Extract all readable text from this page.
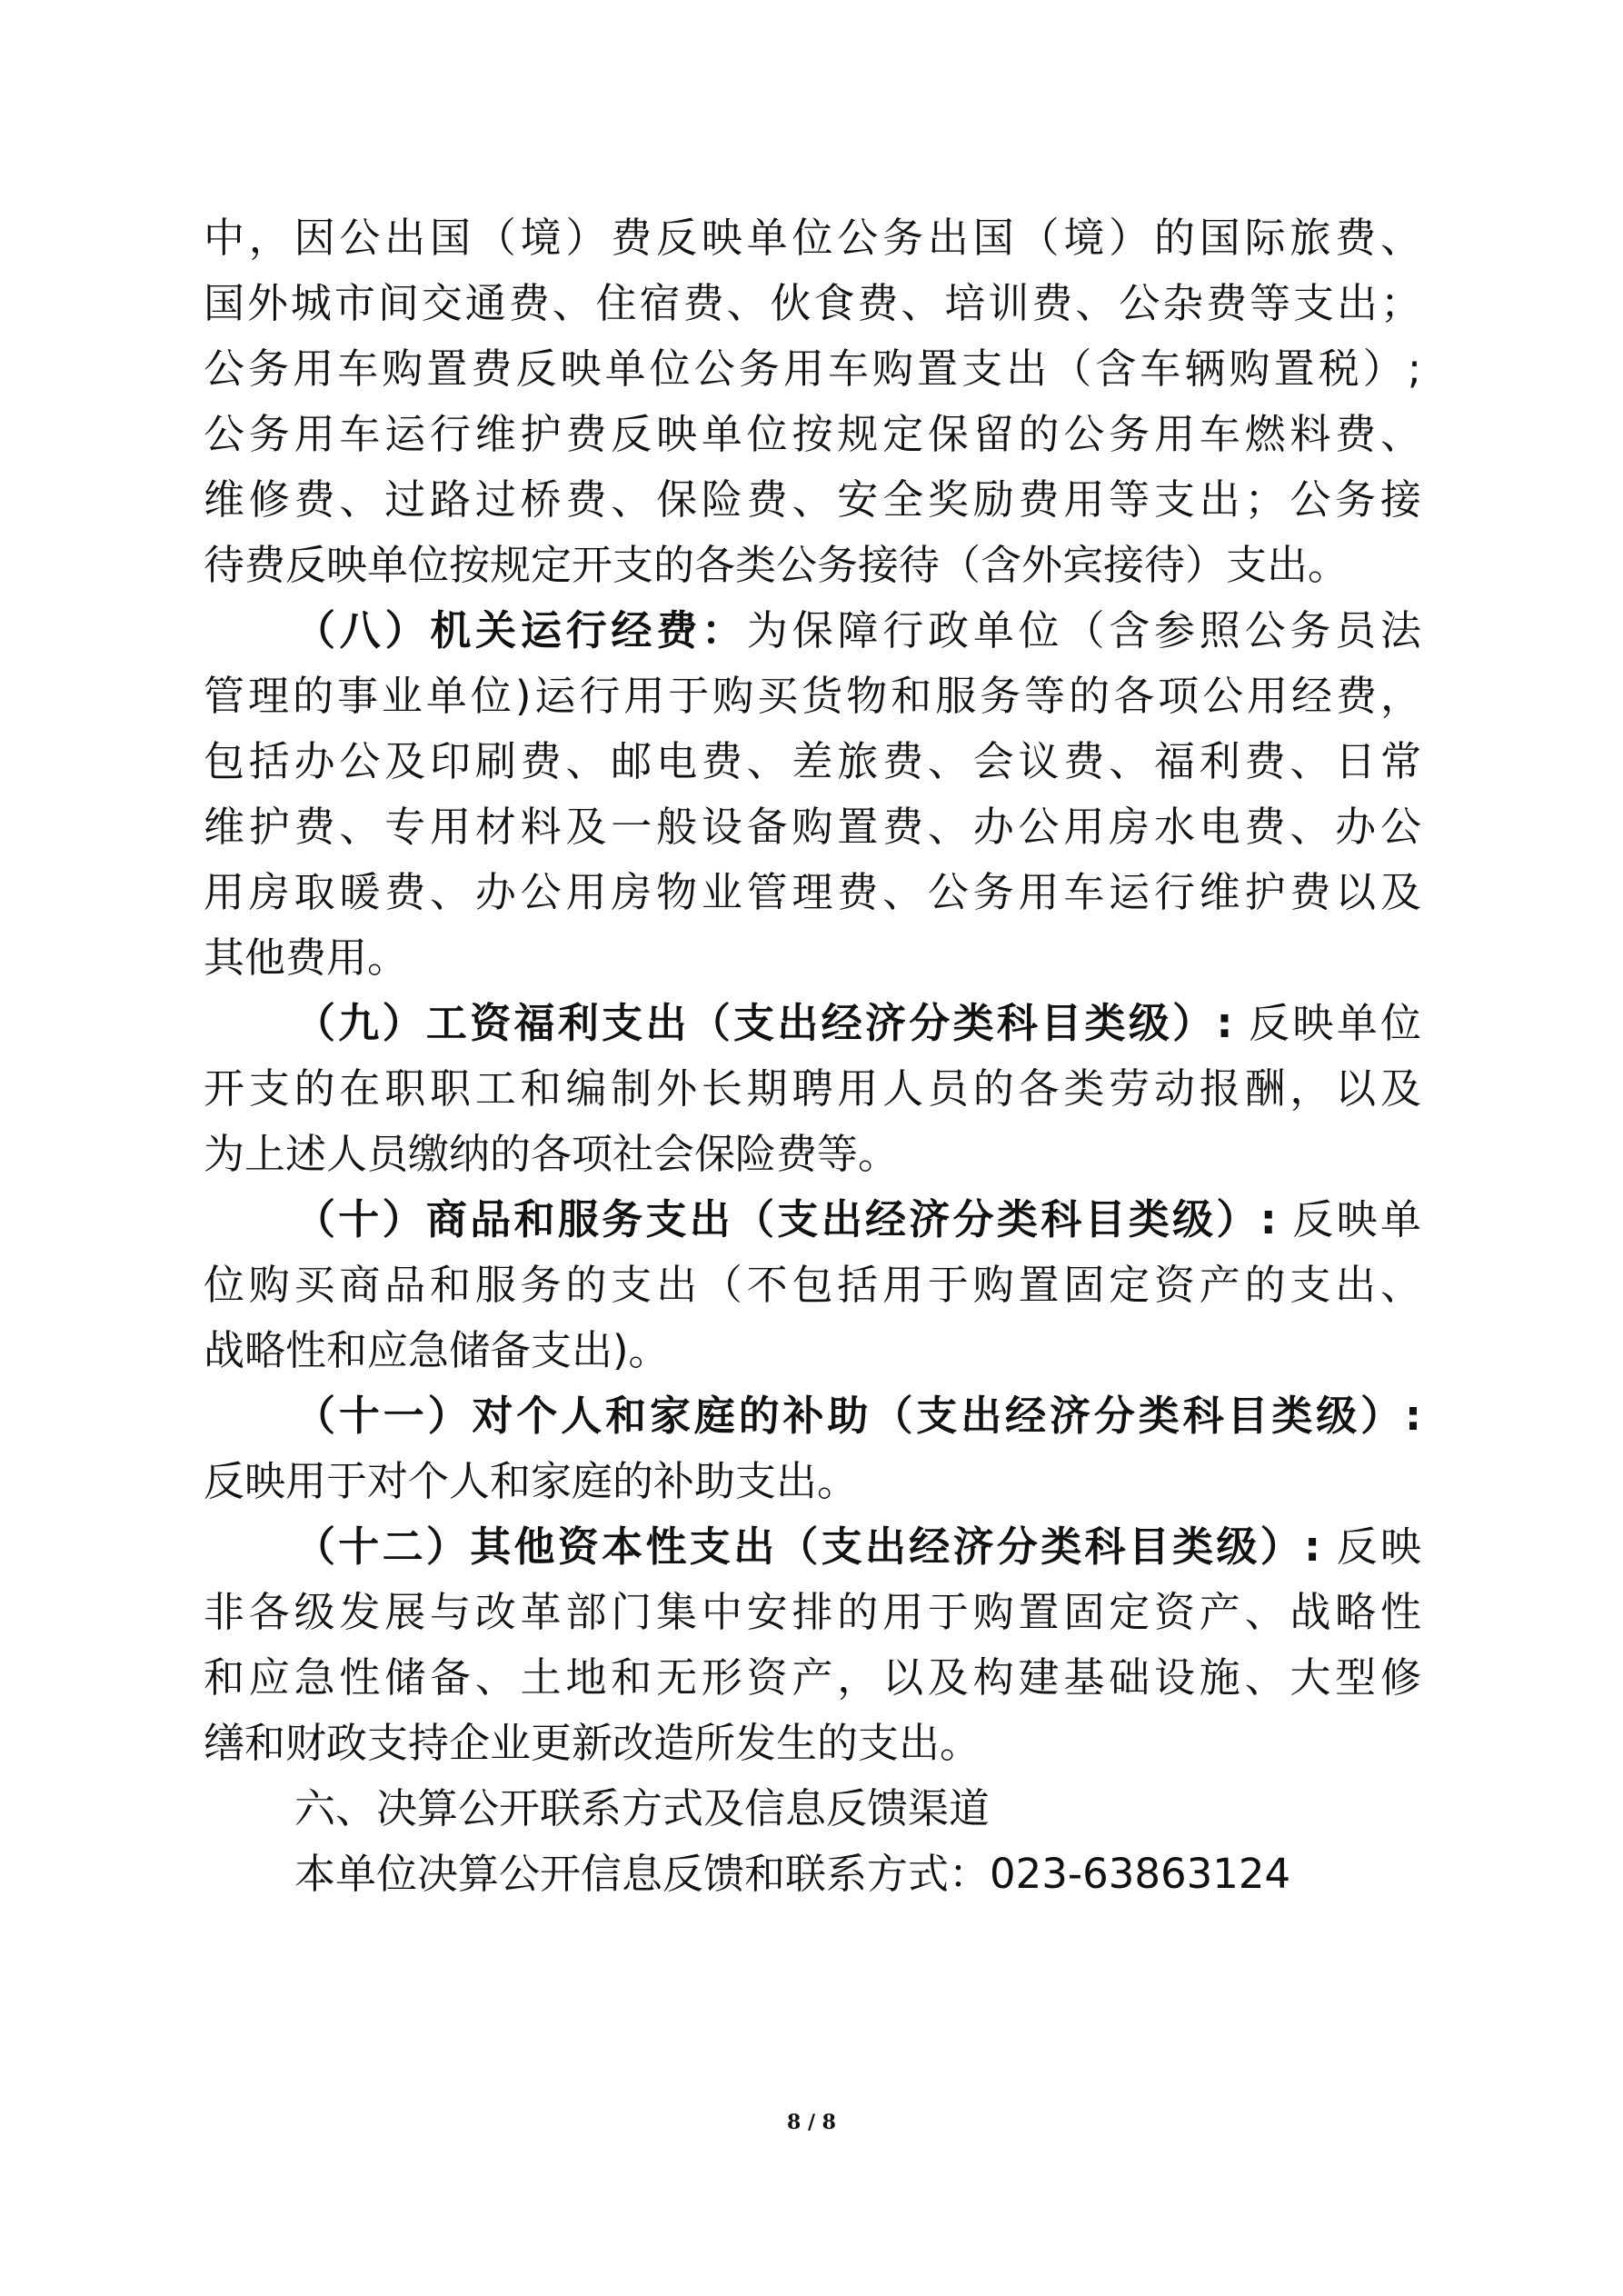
中，因公出国（境）费反映单位公务出国（境）的国际旅费、
国外城市间交通费、住宿费、伙食费、培训费、公杂费等支出；
公务用车购置费反映单位公务用车购置支出（含车辆购置税）;
公务用车运行维护费反映单位按规定保留的公务用车燃料费、
维修费、过路过桥费、保险费、安全奖励费用等支出；公务接
待费反映单位按规定开支的各类公务接待（含外宾接待）支出。
（八）机关运行经费：为保障行政单位（含参照公务员法
管理的事业单位)运行用于购买货物和服务等的各项公用经费，
包括办公及印刷费、邮电费、差旅费、会议费、福利费、日常
维护费、专用材料及一般设备购置费、办公用房水电费、办公
用房取暖费、办公用房物业管理费、公务用车运行维护费以及
其他费用。
（九）工资福利支出（支出经济分类科目类级）: 反映单位
开支的在职职工和编制外长期聘用人员的各类劳动报酬，以及
为上述人员缴纳的各项社会保险费等。
（十）商品和服务支出（支出经济分类科目类级）: 反映单
位购买商品和服务的支出（不包括用于购置固定资产的支出、
战略性和应急储备支出)。
（十一）对个人和家庭的补助（支出经济分类科目类级）:
反映用于对个人和家庭的补助支出。
（十二）其他资本性支出（支出经济分类科目类级）: 反映
非各级发展与改革部门集中安排的用于购置固定资产、战略性
和应急性储备、土地和无形资产，以及构建基础设施、大型修
缮和财政支持企业更新改造所发生的支出。
六、决算公开联系方式及信息反馈渠道
本单位决算公开信息反馈和联系方式：023-63863124
8 / 8
